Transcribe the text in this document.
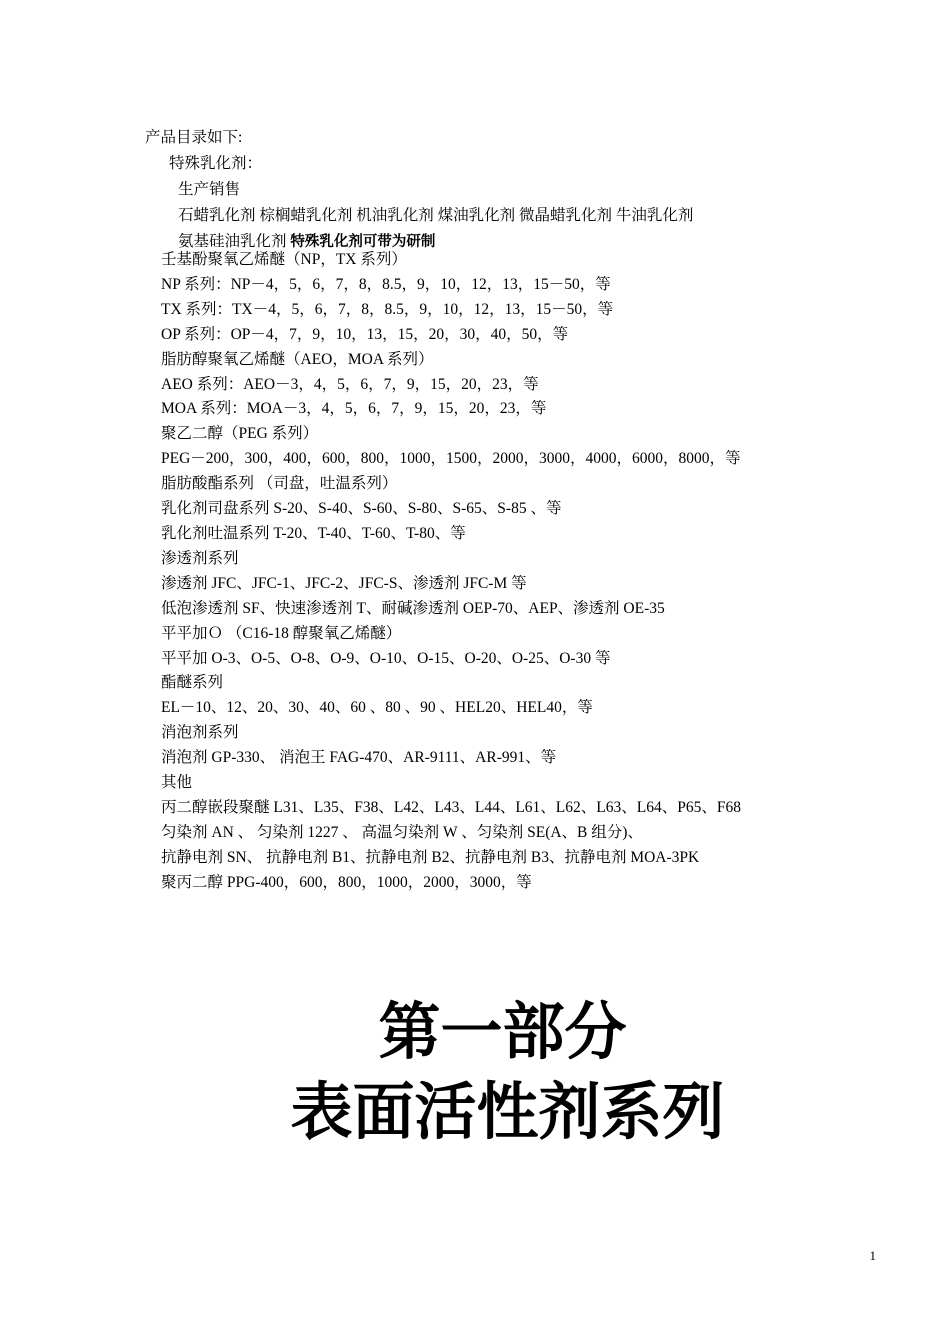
产品目录如下:
特殊乳化剂：
生产销售
石蜡乳化剂 棕榈蜡乳化剂 机油乳化剂 煤油乳化剂 微晶蜡乳化剂 牛油乳化剂
氨基硅油乳化剂 特殊乳化剂可带为研制
壬基酚聚氧乙烯醚（NP，TX 系列）
NP 系列：NP－4，5，6，7，8，8.5，9，10，12，13，15－50，等
TX 系列：TX－4，5，6，7，8，8.5，9，10，12，13，15－50，等
OP 系列：OP－4，7，9，10，13，15，20，30，40，50，等
脂肪醇聚氧乙烯醚（AEO，MOA 系列）
AEO 系列：AEO－3，4，5，6，7，9，15，20，23，等
MOA 系列：MOA－3，4，5，6，7，9，15，20，23，等
聚乙二醇（PEG 系列）
PEG－200，300，400，600，800，1000，1500，2000，3000，4000，6000，8000，等
脂肪酸酯系列 （司盘，吐温系列）
乳化剂司盘系列 S-20、S-40、S-60、S-80、S-65、S-85 、等
乳化剂吐温系列 T-20、T-40、T-60、T-80、等
渗透剂系列
渗透剂 JFC、JFC-1、JFC-2、JFC-S、渗透剂 JFC-M 等
低泡渗透剂 SF、快速渗透剂 T、耐碱渗透剂 OEP-70、AEP、渗透剂 OE-35
平平加Ｏ （C16-18 醇聚氧乙烯醚）
平平加 O-3、O-5、O-8、O-9、O-10、O-15、O-20、O-25、O-30 等
酯醚系列
EL－10、12、20、30、40、60 、80 、90 、HEL20、HEL40，等
消泡剂系列
消泡剂 GP-330、 消泡王 FAG-470、AR-9111、AR-991、等
其他
丙二醇嵌段聚醚 L31、L35、F38、L42、L43、L44、L61、L62、L63、L64、P65、F68
匀染剂 AN 、 匀染剂 1227 、 高温匀染剂 W 、匀染剂 SE(A、B 组分)、
抗静电剂 SN、 抗静电剂 B1、抗静电剂 B2、抗静电剂 B3、抗静电剂 MOA-3PK
聚丙二醇 PPG-400，600，800，1000，2000，3000，等
第一部分
表面活性剂系列
1
